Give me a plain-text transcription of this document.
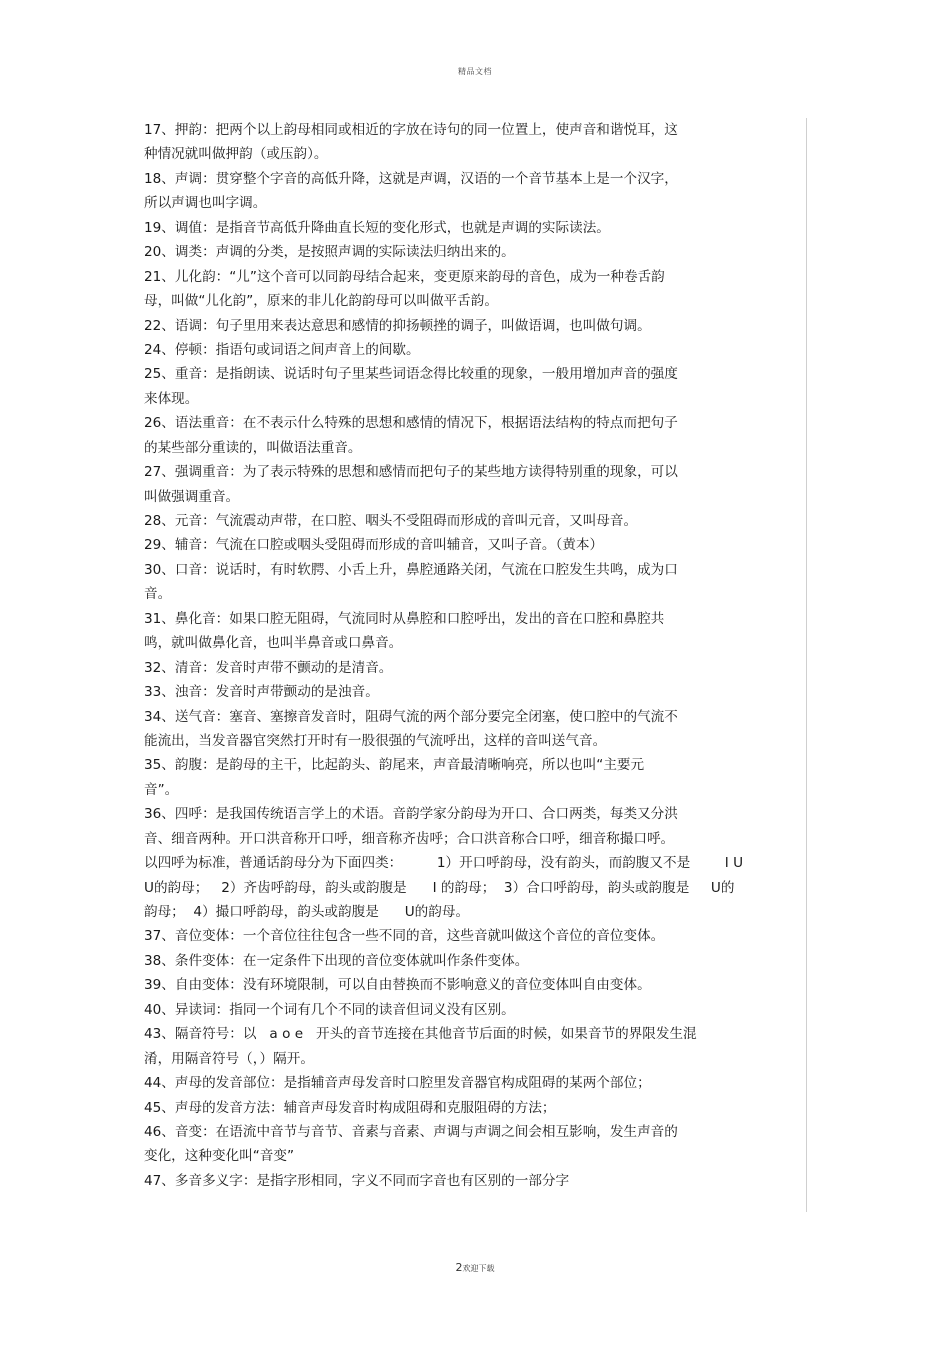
精品文档
17、押韵：把两个以上韵母相同或相近的字放在诗句的同一位置上，使声音和谐悦耳，这
种情况就叫做押韵（或压韵）。
18、声调：贯穿整个字音的高低升降，这就是声调，汉语的一个音节基本上是一个汉字，
所以声调也叫字调。
19、调值：是指音节高低升降曲直长短的变化形式，也就是声调的实际读法。
20、调类：声调的分类，是按照声调的实际读法归纳出来的。
21、儿化韵：“儿”这个音可以同韵母结合起来，变更原来韵母的音色，成为一种卷舌韵
母，叫做“儿化韵”，原来的非儿化韵韵母可以叫做平舌韵。
22、语调：句子里用来表达意思和感情的抑扬顿挫的调子，叫做语调，也叫做句调。
24、停顿：指语句或词语之间声音上的间歇。
25、重音：是指朗读、说话时句子里某些词语念得比较重的现象，一般用增加声音的强度
来体现。
26、语法重音：在不表示什么特殊的思想和感情的情况下，根据语法结构的特点而把句子
的某些部分重读的，叫做语法重音。
27、强调重音：为了表示特殊的思想和感情而把句子的某些地方读得特别重的现象，可以
叫做强调重音。
28、元音：气流震动声带，在口腔、咽头不受阻碍而形成的音叫元音，又叫母音。
29、辅音：气流在口腔或咽头受阻碍而形成的音叫辅音，又叫子音。（黄本）
30、口音：说话时，有时软腭、小舌上升，鼻腔通路关闭，气流在口腔发生共鸣，成为口
音。
31、鼻化音：如果口腔无阻碍，气流同时从鼻腔和口腔呼出，发出的音在口腔和鼻腔共
鸣，就叫做鼻化音，也叫半鼻音或口鼻音。
32、清音：发音时声带不颤动的是清音。
33、浊音：发音时声带颤动的是浊音。
34、送气音：塞音、塞擦音发音时，阻碍气流的两个部分要完全闭塞，使口腔中的气流不
能流出，当发音器官突然打开时有一股很强的气流呼出，这样的音叫送气音。
35、韵腹：是韵母的主干，比起韵头、韵尾来，声音最清晰响亮，所以也叫“主要元
音”。
36、四呼：是我国传统语言学上的术语。音韵学家分韵母为开口、合口两类，每类又分洪
音、细音两种。开口洪音称开口呼，细音称齐齿呼；合口洪音称合口呼，细音称撮口呼。
以四呼为标准，普通话韵母分为下面四类：        1）开口呼韵母，没有韵头，而韵腹又不是        I U
U的韵母；   2）齐齿呼韵母，韵头或韵腹是      I 的韵母；  3）合口呼韵母，韵头或韵腹是     U的
韵母；  4）撮口呼韵母，韵头或韵腹是      U的韵母。
37、音位变体：一个音位往往包含一些不同的音，这些音就叫做这个音位的音位变体。
38、条件变体：在一定条件下出现的音位变体就叫作条件变体。
39、自由变体：没有环境限制，可以自由替换而不影响意义的音位变体叫自由变体。
40、异读词：指同一个词有几个不同的读音但词义没有区别。
43、隔音符号：以   a o e   开头的音节连接在其他音节后面的时候，如果音节的界限发生混
淆，用隔音符号（，）隔开。
44、声母的发音部位：是指辅音声母发音时口腔里发音器官构成阻碍的某两个部位；
45、声母的发音方法：辅音声母发音时构成阻碍和克服阻碍的方法；
46、音变：在语流中音节与音节、音素与音素、声调与声调之间会相互影响，发生声音的
变化，这种变化叫“音变”
47、多音多义字：是指字形相同，字义不同而字音也有区别的一部分字
2欢迎下载
